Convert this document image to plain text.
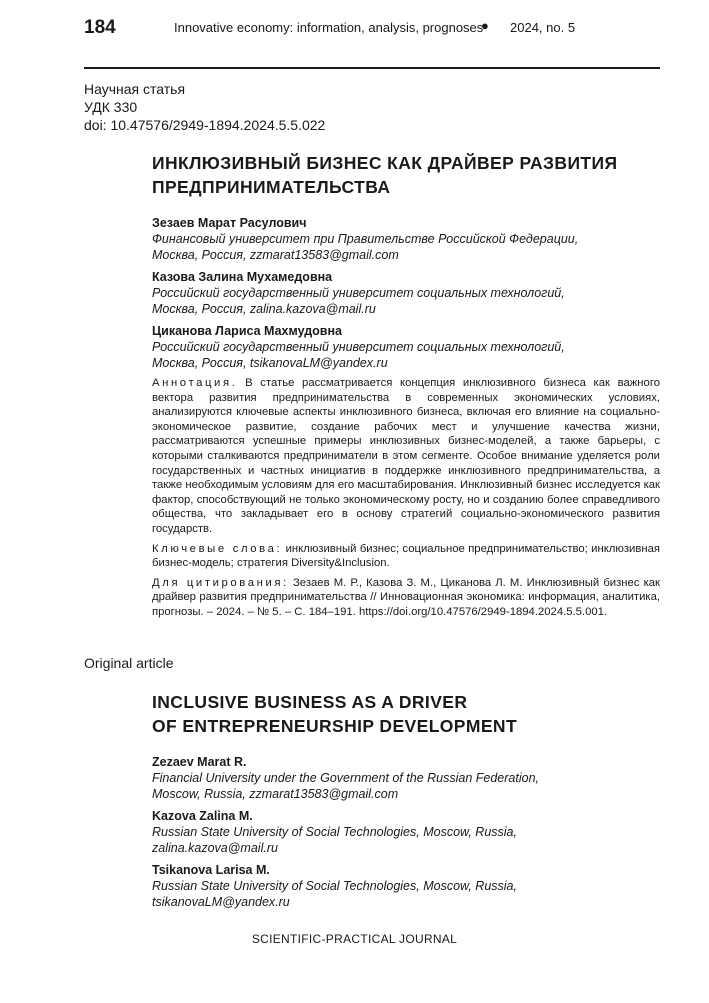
184	Innovative economy: information, analysis, prognoses
● 2024, no. 5
Научная статья
УДК 330
doi: 10.47576/2949-1894.2024.5.5.022
ИНКЛЮЗИВНЫЙ БИЗНЕС КАК ДРАЙВЕР РАЗВИТИЯ
ПРЕДПРИНИМАТЕЛЬСТВА
Зезаев Марат Расулович
Финансовый университет при Правительстве Российской Федерации,
Москва, Россия, zzmarat13583@gmail.com
Казова Залина Мухамедовна
Российский государственный университет социальных технологий,
Москва, Россия, zalina.kazova@mail.ru
Циканова Лариса Махмудовна
Российский государственный университет социальных технологий,
Москва, Россия, tsikanovaLM@yandex.ru
Аннотация. В статье рассматривается концепция инклюзивного бизнеса как важного вектора развития предпринимательства в современных экономических условиях, анализируются ключевые аспекты инклюзивного бизнеса, включая его влияние на социально-экономическое развитие, создание рабочих мест и улучшение качества жизни, рассматриваются успешные примеры инклюзивных бизнес-моделей, а также барьеры, с которыми сталкиваются предприниматели в этом сегменте. Особое внимание уделяется роли государственных и частных инициатив в поддержке инклюзивного предпринимательства, а также необходимым условиям для его масштабирования. Инклюзивный бизнес исследуется как фактор, способствующий не только экономическому росту, но и созданию более справедливого общества, что закладывает его в основу стратегий социально-экономического развития государств.
Ключевые слова: инклюзивный бизнес; социальное предпринимательство; инклюзивная бизнес-модель; стратегия Diversity&Inclusion.
Для цитирования: Зезаев М. Р., Казова З. М., Циканова Л. М. Инклюзивный бизнес как драйвер развития предпринимательства // Инновационная экономика: информация, аналитика, прогнозы. – 2024. – № 5. – С. 184–191. https://doi.org/10.47576/2949-1894.2024.5.5.001.
Original article
INCLUSIVE BUSINESS AS A DRIVER
OF ENTREPRENEURSHIP DEVELOPMENT
Zezaev Marat R.
Financial University under the Government of the Russian Federation,
Moscow, Russia, zzmarat13583@gmail.com
Kazova Zalina M.
Russian State University of Social Technologies, Moscow, Russia,
zalina.kazova@mail.ru
Tsikanova Larisa M.
Russian State University of Social Technologies, Moscow, Russia,
tsikanovaLM@yandex.ru
SCIENTIFIC-PRACTICAL JOURNAL
